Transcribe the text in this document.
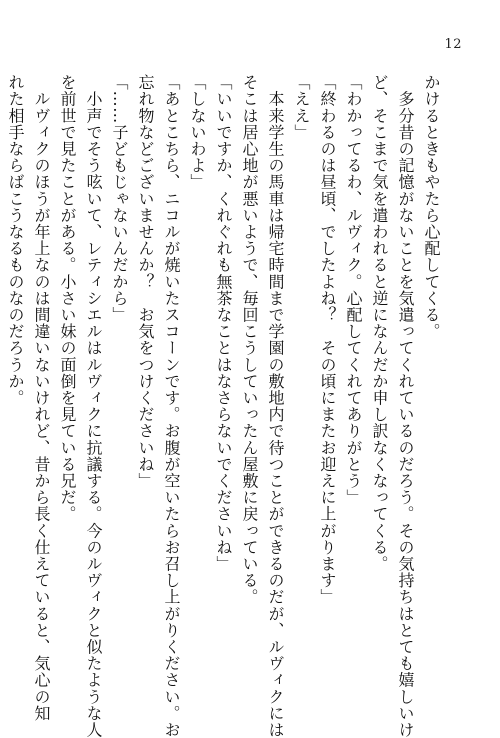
12
かけるときもやたら心配してくる。
　多分昔の記憶がないことを気遣ってくれているのだろう。その気持ちはとても嬉しいけ
ど、そこまで気を遣われると逆になんだか申し訳なくなってくる。
「わかってるわ、ルヴィク。心配してくれてありがとう」
「終わるのは昼頃、でしたよね？　その頃にまたお迎えに上がります」
「ええ」
　本来学生の馬車は帰宅時間まで学園の敷地内で待つことができるのだが、ルヴィクには
そこは居心地が悪いようで、毎回こうしていったん屋敷に戻っている。
「いいですか、くれぐれも無茶なことはなさらないでくださいね」
「しないわよ」
「あとこちら、ニコルが焼いたスコーンです。お腹が空いたらお召し上がりください。お
忘れ物などございませんか？　お気をつけくださいね」
「……子どもじゃないんだから」
　小声でそう呟いて、レティシエルはルヴィクに抗議する。今のルヴィクと似たような人
を前世で見たことがある。小さい妹の面倒を見ている兄だ。
　ルヴィクのほうが年上なのは間違いないけれど、昔から長く仕えていると、気心の知
れた相手ならばこうなるものなのだろうか。
